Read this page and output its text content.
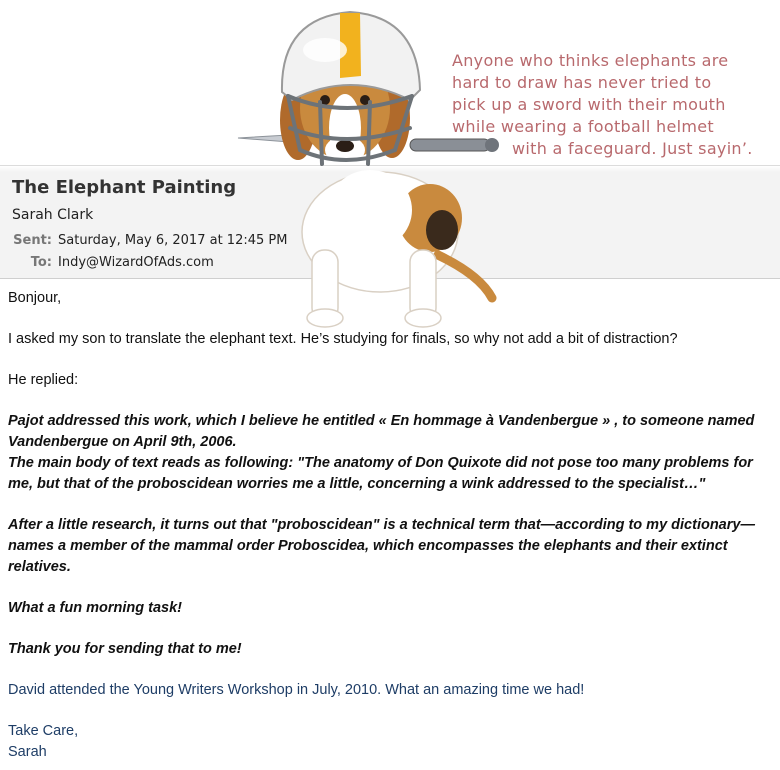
The Elephant Painting
Sarah Clark
Sent: Saturday, May 6, 2017 at 12:45 PM
To: Indy@WizardOfAds.com
Anyone who thinks elephants are
hard to draw has never tried to
pick up a sword with their mouth
while wearing a football helmet
with a faceguard. Just sayin’.

Bonjour,

I asked my son to translate the elephant text. He’s studying for finals, so why not add a bit of distraction?

He replied:

Pajot addressed this work, which I believe he entitled « En hommage à Vandenbergue » , to someone named Vandenbergue on April 9th, 2006.

The main body of text reads as following: "The anatomy of Don Quixote did not pose too many problems for me, but that of the proboscidean worries me a little, concerning a wink addressed to the specialist…"

After a little research, it turns out that "proboscidean" is a technical term that—according to my dictionary—names a member of the mammal order Proboscidea, which encompasses the elephants and their extinct relatives.

What a fun morning task!

Thank you for sending that to me!

David attended the Young Writers Workshop in July, 2010. What an amazing time we had!

Take Care,
Sarah
